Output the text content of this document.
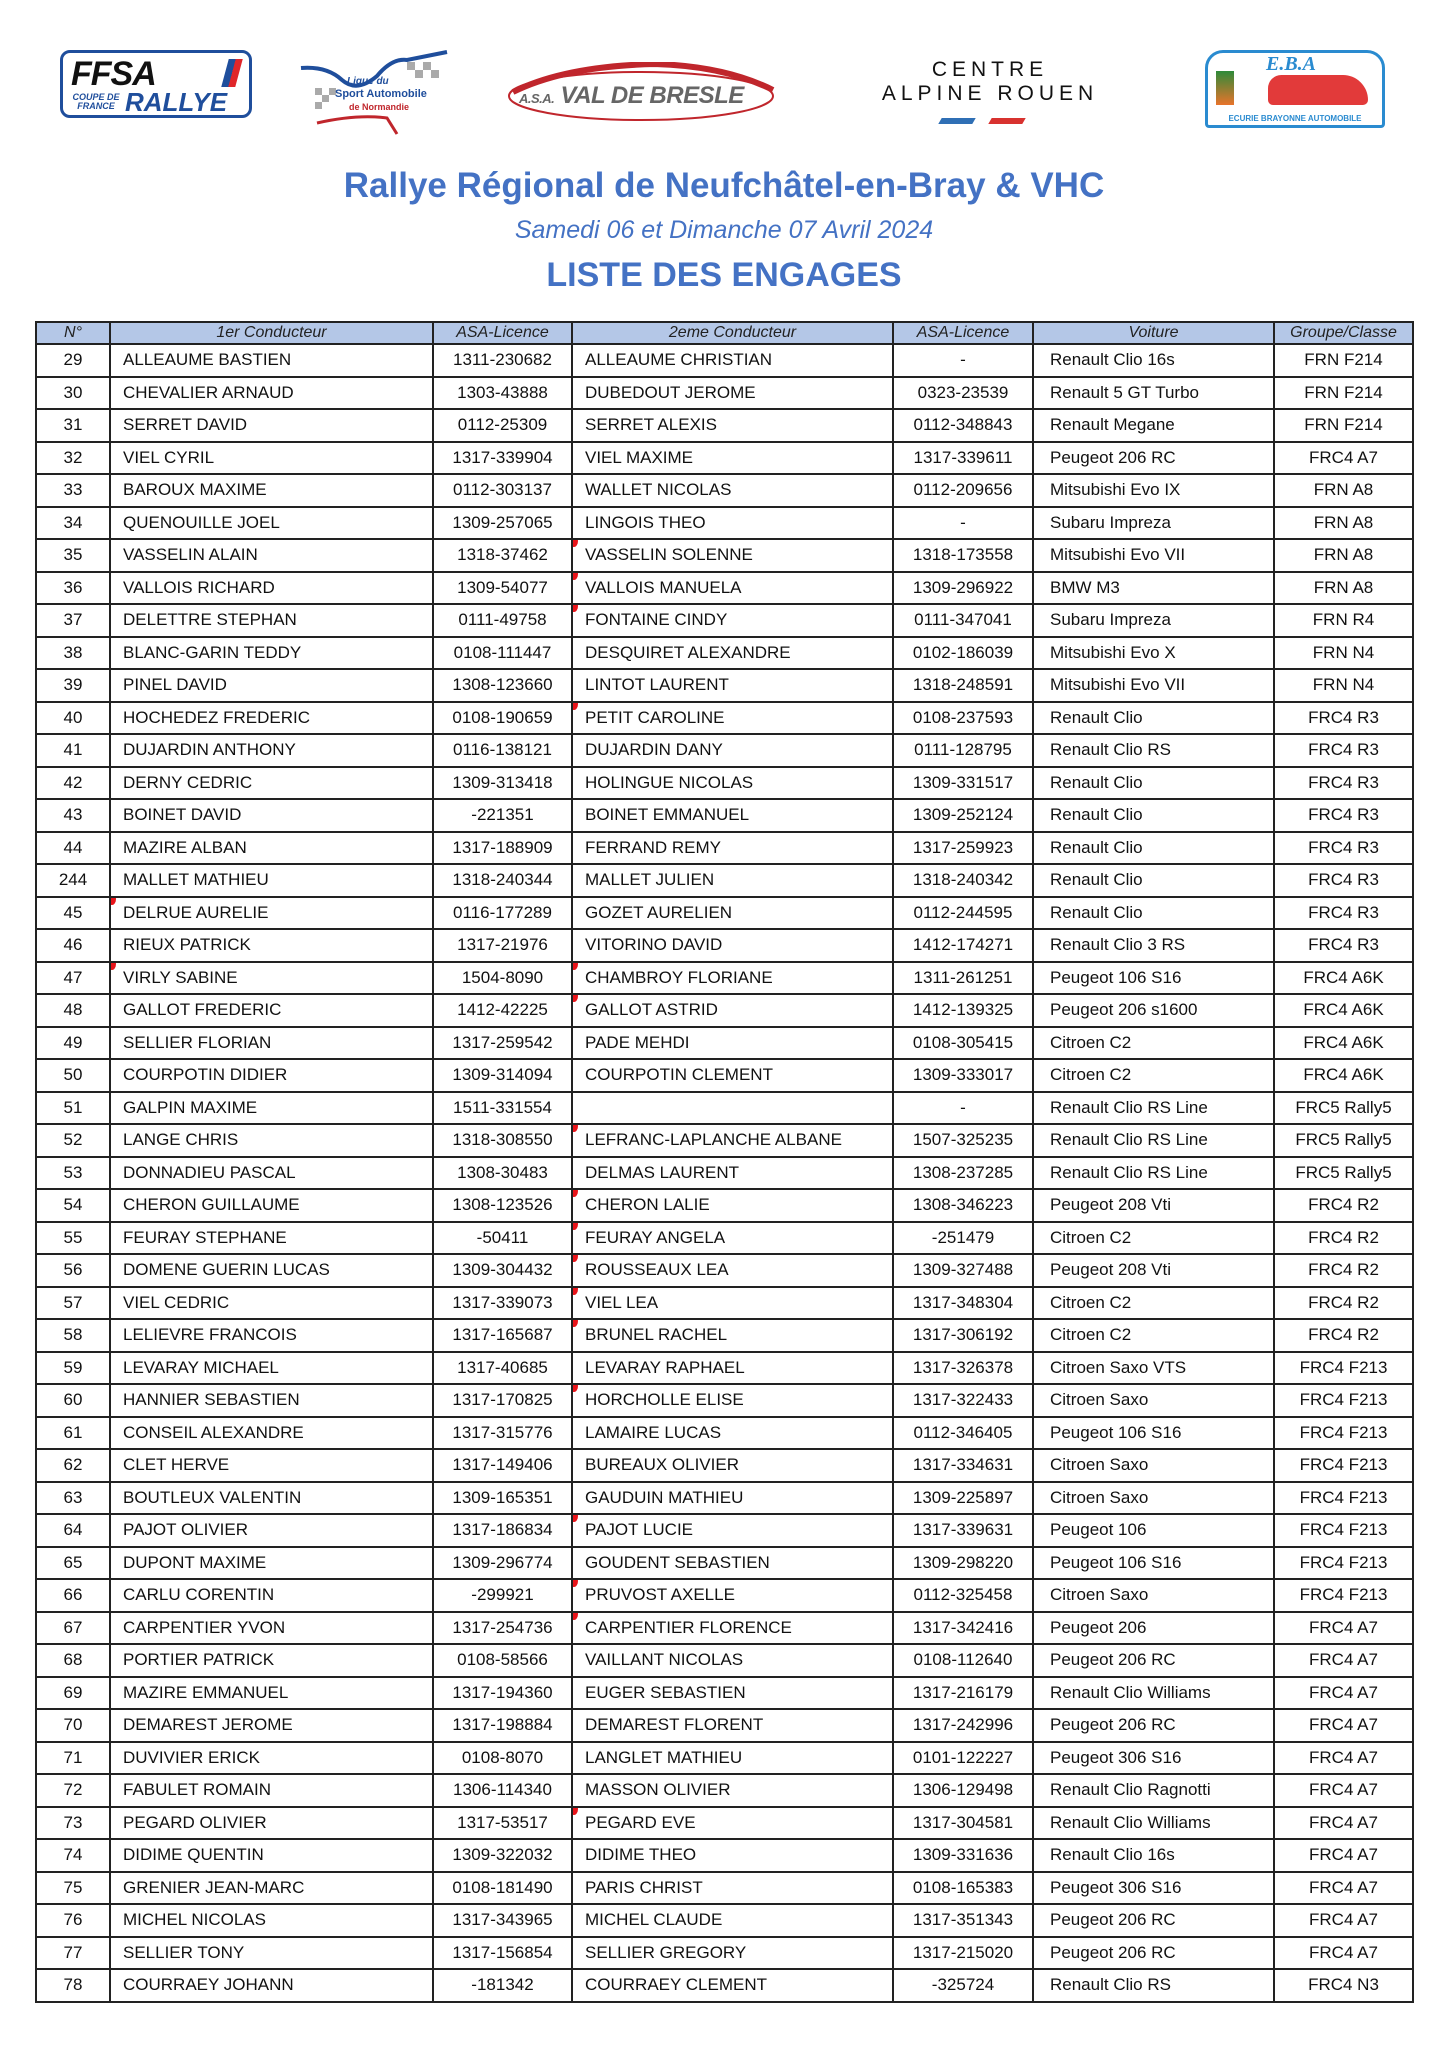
FFSA
COUPE DE
FRANCE RALLYE
Ligue du
Sport Automobile
de Normandie
A.S.A. VAL DE BRESLE
CENTRE
ALPINE ROUEN
E.B.A
ECURIE BRAYONNE AUTOMOBILE
Rallye Régional de Neufchâtel-en-Bray & VHC
Samedi 06 et Dimanche 07 Avril 2024
LISTE DES ENGAGES
N°	1er Conducteur	ASA-Licence	2eme Conducteur	ASA-Licence	Voiture	Groupe/Classe
29	ALLEAUME BASTIEN	1311-230682	ALLEAUME CHRISTIAN	-	Renault Clio 16s	FRN F214
30	CHEVALIER ARNAUD	1303-43888	DUBEDOUT JEROME	0323-23539	Renault 5 GT Turbo	FRN F214
31	SERRET DAVID	0112-25309	SERRET ALEXIS	0112-348843	Renault Megane	FRN F214
32	VIEL CYRIL	1317-339904	VIEL MAXIME	1317-339611	Peugeot 206 RC	FRC4 A7
33	BAROUX MAXIME	0112-303137	WALLET NICOLAS	0112-209656	Mitsubishi Evo IX	FRN A8
34	QUENOUILLE JOEL	1309-257065	LINGOIS THEO	-	Subaru Impreza	FRN A8
35	VASSELIN ALAIN	1318-37462	VASSELIN SOLENNE	1318-173558	Mitsubishi Evo VII	FRN A8
36	VALLOIS RICHARD	1309-54077	VALLOIS MANUELA	1309-296922	BMW M3	FRN A8
37	DELETTRE STEPHAN	0111-49758	FONTAINE CINDY	0111-347041	Subaru Impreza	FRN R4
38	BLANC-GARIN TEDDY	0108-111447	DESQUIRET ALEXANDRE	0102-186039	Mitsubishi Evo X	FRN N4
39	PINEL DAVID	1308-123660	LINTOT LAURENT	1318-248591	Mitsubishi Evo VII	FRN N4
40	HOCHEDEZ FREDERIC	0108-190659	PETIT CAROLINE	0108-237593	Renault Clio	FRC4 R3
41	DUJARDIN ANTHONY	0116-138121	DUJARDIN DANY	0111-128795	Renault Clio RS	FRC4 R3
42	DERNY CEDRIC	1309-313418	HOLINGUE NICOLAS	1309-331517	Renault Clio	FRC4 R3
43	BOINET DAVID	-221351	BOINET EMMANUEL	1309-252124	Renault Clio	FRC4 R3
44	MAZIRE ALBAN	1317-188909	FERRAND REMY	1317-259923	Renault Clio	FRC4 R3
244	MALLET MATHIEU	1318-240344	MALLET JULIEN	1318-240342	Renault Clio	FRC4 R3
45	DELRUE AURELIE	0116-177289	GOZET AURELIEN	0112-244595	Renault Clio	FRC4 R3
46	RIEUX PATRICK	1317-21976	VITORINO DAVID	1412-174271	Renault Clio 3 RS	FRC4 R3
47	VIRLY SABINE	1504-8090	CHAMBROY FLORIANE	1311-261251	Peugeot 106 S16	FRC4 A6K
48	GALLOT FREDERIC	1412-42225	GALLOT ASTRID	1412-139325	Peugeot 206 s1600	FRC4 A6K
49	SELLIER FLORIAN	1317-259542	PADE MEHDI	0108-305415	Citroen C2	FRC4 A6K
50	COURPOTIN DIDIER	1309-314094	COURPOTIN CLEMENT	1309-333017	Citroen C2	FRC4 A6K
51	GALPIN MAXIME	1511-331554		-	Renault Clio RS Line	FRC5 Rally5
52	LANGE CHRIS	1318-308550	LEFRANC-LAPLANCHE ALBANE	1507-325235	Renault Clio RS Line	FRC5 Rally5
53	DONNADIEU PASCAL	1308-30483	DELMAS LAURENT	1308-237285	Renault Clio RS Line	FRC5 Rally5
54	CHERON GUILLAUME	1308-123526	CHERON LALIE	1308-346223	Peugeot 208 Vti	FRC4 R2
55	FEURAY STEPHANE	-50411	FEURAY ANGELA	-251479	Citroen C2	FRC4 R2
56	DOMENE GUERIN LUCAS	1309-304432	ROUSSEAUX LEA	1309-327488	Peugeot 208 Vti	FRC4 R2
57	VIEL CEDRIC	1317-339073	VIEL LEA	1317-348304	Citroen C2	FRC4 R2
58	LELIEVRE FRANCOIS	1317-165687	BRUNEL RACHEL	1317-306192	Citroen C2	FRC4 R2
59	LEVARAY MICHAEL	1317-40685	LEVARAY RAPHAEL	1317-326378	Citroen Saxo VTS	FRC4 F213
60	HANNIER SEBASTIEN	1317-170825	HORCHOLLE ELISE	1317-322433	Citroen Saxo	FRC4 F213
61	CONSEIL ALEXANDRE	1317-315776	LAMAIRE LUCAS	0112-346405	Peugeot 106 S16	FRC4 F213
62	CLET HERVE	1317-149406	BUREAUX OLIVIER	1317-334631	Citroen Saxo	FRC4 F213
63	BOUTLEUX VALENTIN	1309-165351	GAUDUIN MATHIEU	1309-225897	Citroen Saxo	FRC4 F213
64	PAJOT OLIVIER	1317-186834	PAJOT LUCIE	1317-339631	Peugeot 106	FRC4 F213
65	DUPONT MAXIME	1309-296774	GOUDENT SEBASTIEN	1309-298220	Peugeot 106 S16	FRC4 F213
66	CARLU CORENTIN	-299921	PRUVOST AXELLE	0112-325458	Citroen Saxo	FRC4 F213
67	CARPENTIER YVON	1317-254736	CARPENTIER FLORENCE	1317-342416	Peugeot 206	FRC4 A7
68	PORTIER PATRICK	0108-58566	VAILLANT NICOLAS	0108-112640	Peugeot 206 RC	FRC4 A7
69	MAZIRE EMMANUEL	1317-194360	EUGER SEBASTIEN	1317-216179	Renault Clio Williams	FRC4 A7
70	DEMAREST JEROME	1317-198884	DEMAREST FLORENT	1317-242996	Peugeot 206 RC	FRC4 A7
71	DUVIVIER ERICK	0108-8070	LANGLET MATHIEU	0101-122227	Peugeot 306 S16	FRC4 A7
72	FABULET ROMAIN	1306-114340	MASSON OLIVIER	1306-129498	Renault Clio Ragnotti	FRC4 A7
73	PEGARD OLIVIER	1317-53517	PEGARD EVE	1317-304581	Renault Clio Williams	FRC4 A7
74	DIDIME QUENTIN	1309-322032	DIDIME THEO	1309-331636	Renault Clio 16s	FRC4 A7
75	GRENIER JEAN-MARC	0108-181490	PARIS CHRIST	0108-165383	Peugeot 306 S16	FRC4 A7
76	MICHEL NICOLAS	1317-343965	MICHEL CLAUDE	1317-351343	Peugeot 206 RC	FRC4 A7
77	SELLIER TONY	1317-156854	SELLIER GREGORY	1317-215020	Peugeot 206 RC	FRC4 A7
78	COURRAEY JOHANN	-181342	COURRAEY CLEMENT	-325724	Renault Clio RS	FRC4 N3
